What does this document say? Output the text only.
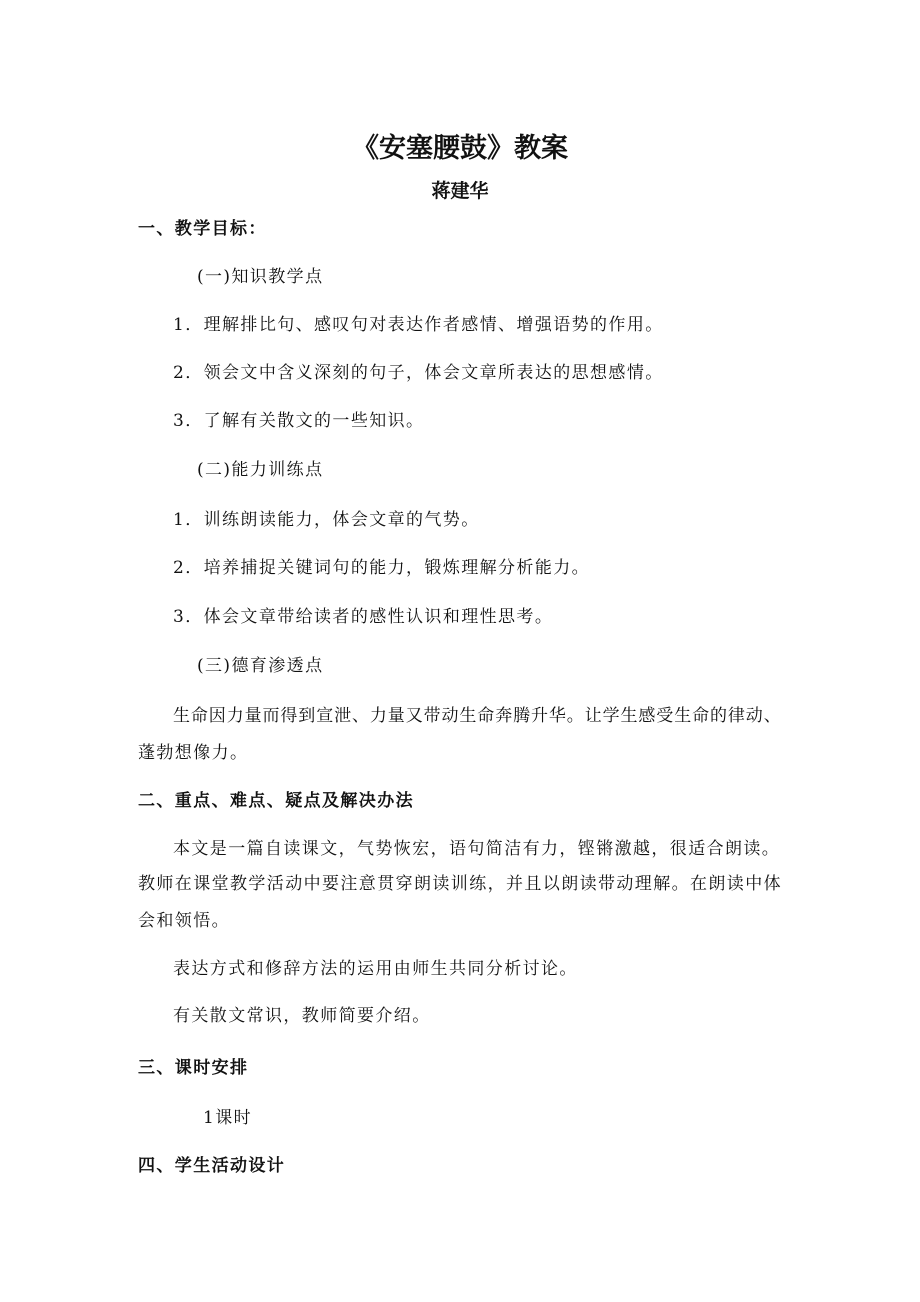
《安塞腰鼓》教案
蒋建华
一、教学目标：
(一)知识教学点
1．理解排比句、感叹句对表达作者感情、增强语势的作用。
2．领会文中含义深刻的句子，体会文章所表达的思想感情。
3．了解有关散文的一些知识。
(二)能力训练点
1．训练朗读能力，体会文章的气势。
2．培养捕捉关键词句的能力，锻炼理解分析能力。
3．体会文章带给读者的感性认识和理性思考。
(三)德育渗透点
生命因力量而得到宣泄、力量又带动生命奔腾升华。让学生感受生命的律动、
蓬勃想像力。
二、重点、难点、疑点及解决办法
本文是一篇自读课文，气势恢宏，语句简洁有力，铿锵激越，很适合朗读。
教师在课堂教学活动中要注意贯穿朗读训练，并且以朗读带动理解。在朗读中体
会和领悟。
表达方式和修辞方法的运用由师生共同分析讨论。
有关散文常识，教师简要介绍。
三、课时安排
1课时
四、学生活动设计
